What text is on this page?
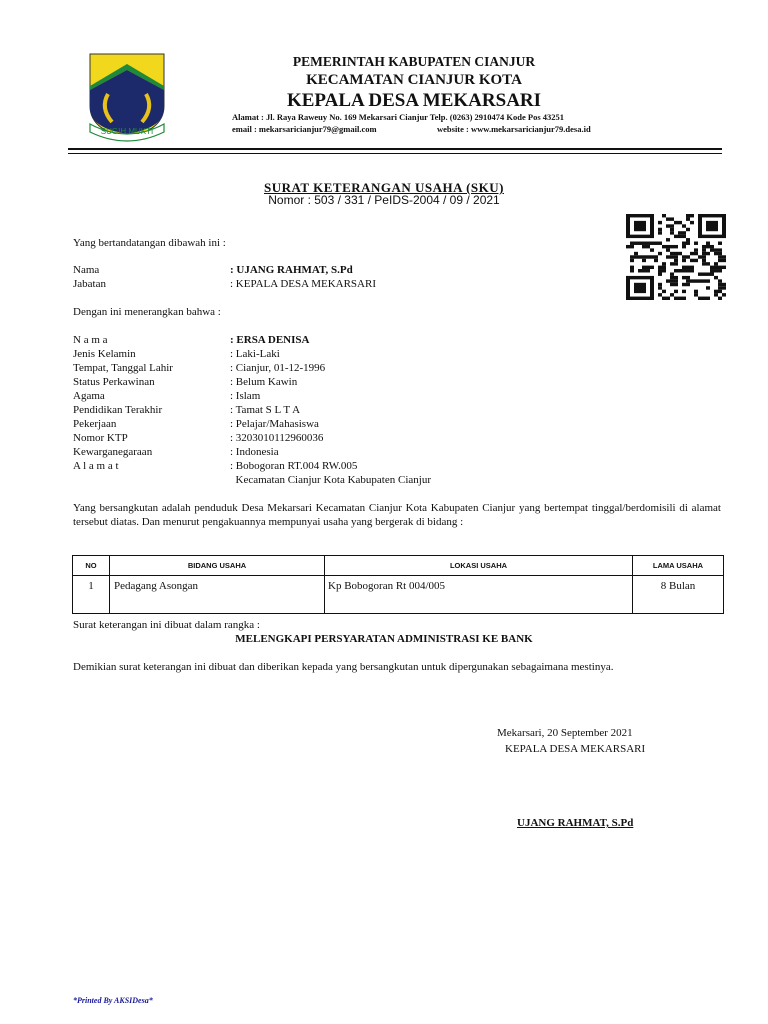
SUGIH MUKTI
PEMERINTAH KABUPATEN CIANJUR
KECAMATAN CIANJUR KOTA
KEPALA DESA MEKARSARI
Alamat : Jl. Raya Raweuy No. 169 Mekarsari Cianjur Telp. (0263) 2910474 Kode Pos 43251
email : mekarsaricianjur79@gmail.com	website : www.mekarsaricianjur79.desa.id
SURAT KETERANGAN USAHA (SKU)
Nomor : 503 / 331 / PeIDS-2004 / 09 / 2021
Yang bertandatangan dibawah ini :
Nama	: UJANG RAHMAT, S.Pd
Jabatan	: KEPALA DESA MEKARSARI
Dengan ini menerangkan bahwa :
N a m a	: ERSA DENISA
Jenis Kelamin	: Laki-Laki
Tempat, Tanggal Lahir	: Cianjur, 01-12-1996
Status Perkawinan	: Belum Kawin
Agama	: Islam
Pendidikan Terakhir	: Tamat S L T A
Pekerjaan	: Pelajar/Mahasiswa
Nomor KTP	: 3203010112960036
Kewarganegaraan	: Indonesia
A l a m a t	: Bobogoran RT.004 RW.005
Kecamatan Cianjur Kota Kabupaten Cianjur
Yang bersangkutan adalah penduduk Desa Mekarsari Kecamatan Cianjur Kota Kabupaten Cianjur yang bertempat tinggal/berdomisili di alamat tersebut diatas. Dan menurut pengakuannya mempunyai usaha yang bergerak di bidang :
NO	BIDANG USAHA	LOKASI USAHA	LAMA USAHA
1	Pedagang Asongan	Kp Bobogoran Rt 004/005	8 Bulan
Surat keterangan ini dibuat dalam rangka :
MELENGKAPI PERSYARATAN ADMINISTRASI KE BANK
Demikian surat keterangan ini dibuat dan diberikan kepada yang bersangkutan untuk dipergunakan sebagaimana mestinya.
Mekarsari, 20 September 2021
KEPALA DESA MEKARSARI
UJANG RAHMAT, S.Pd
*Printed By AKSIDesa*
